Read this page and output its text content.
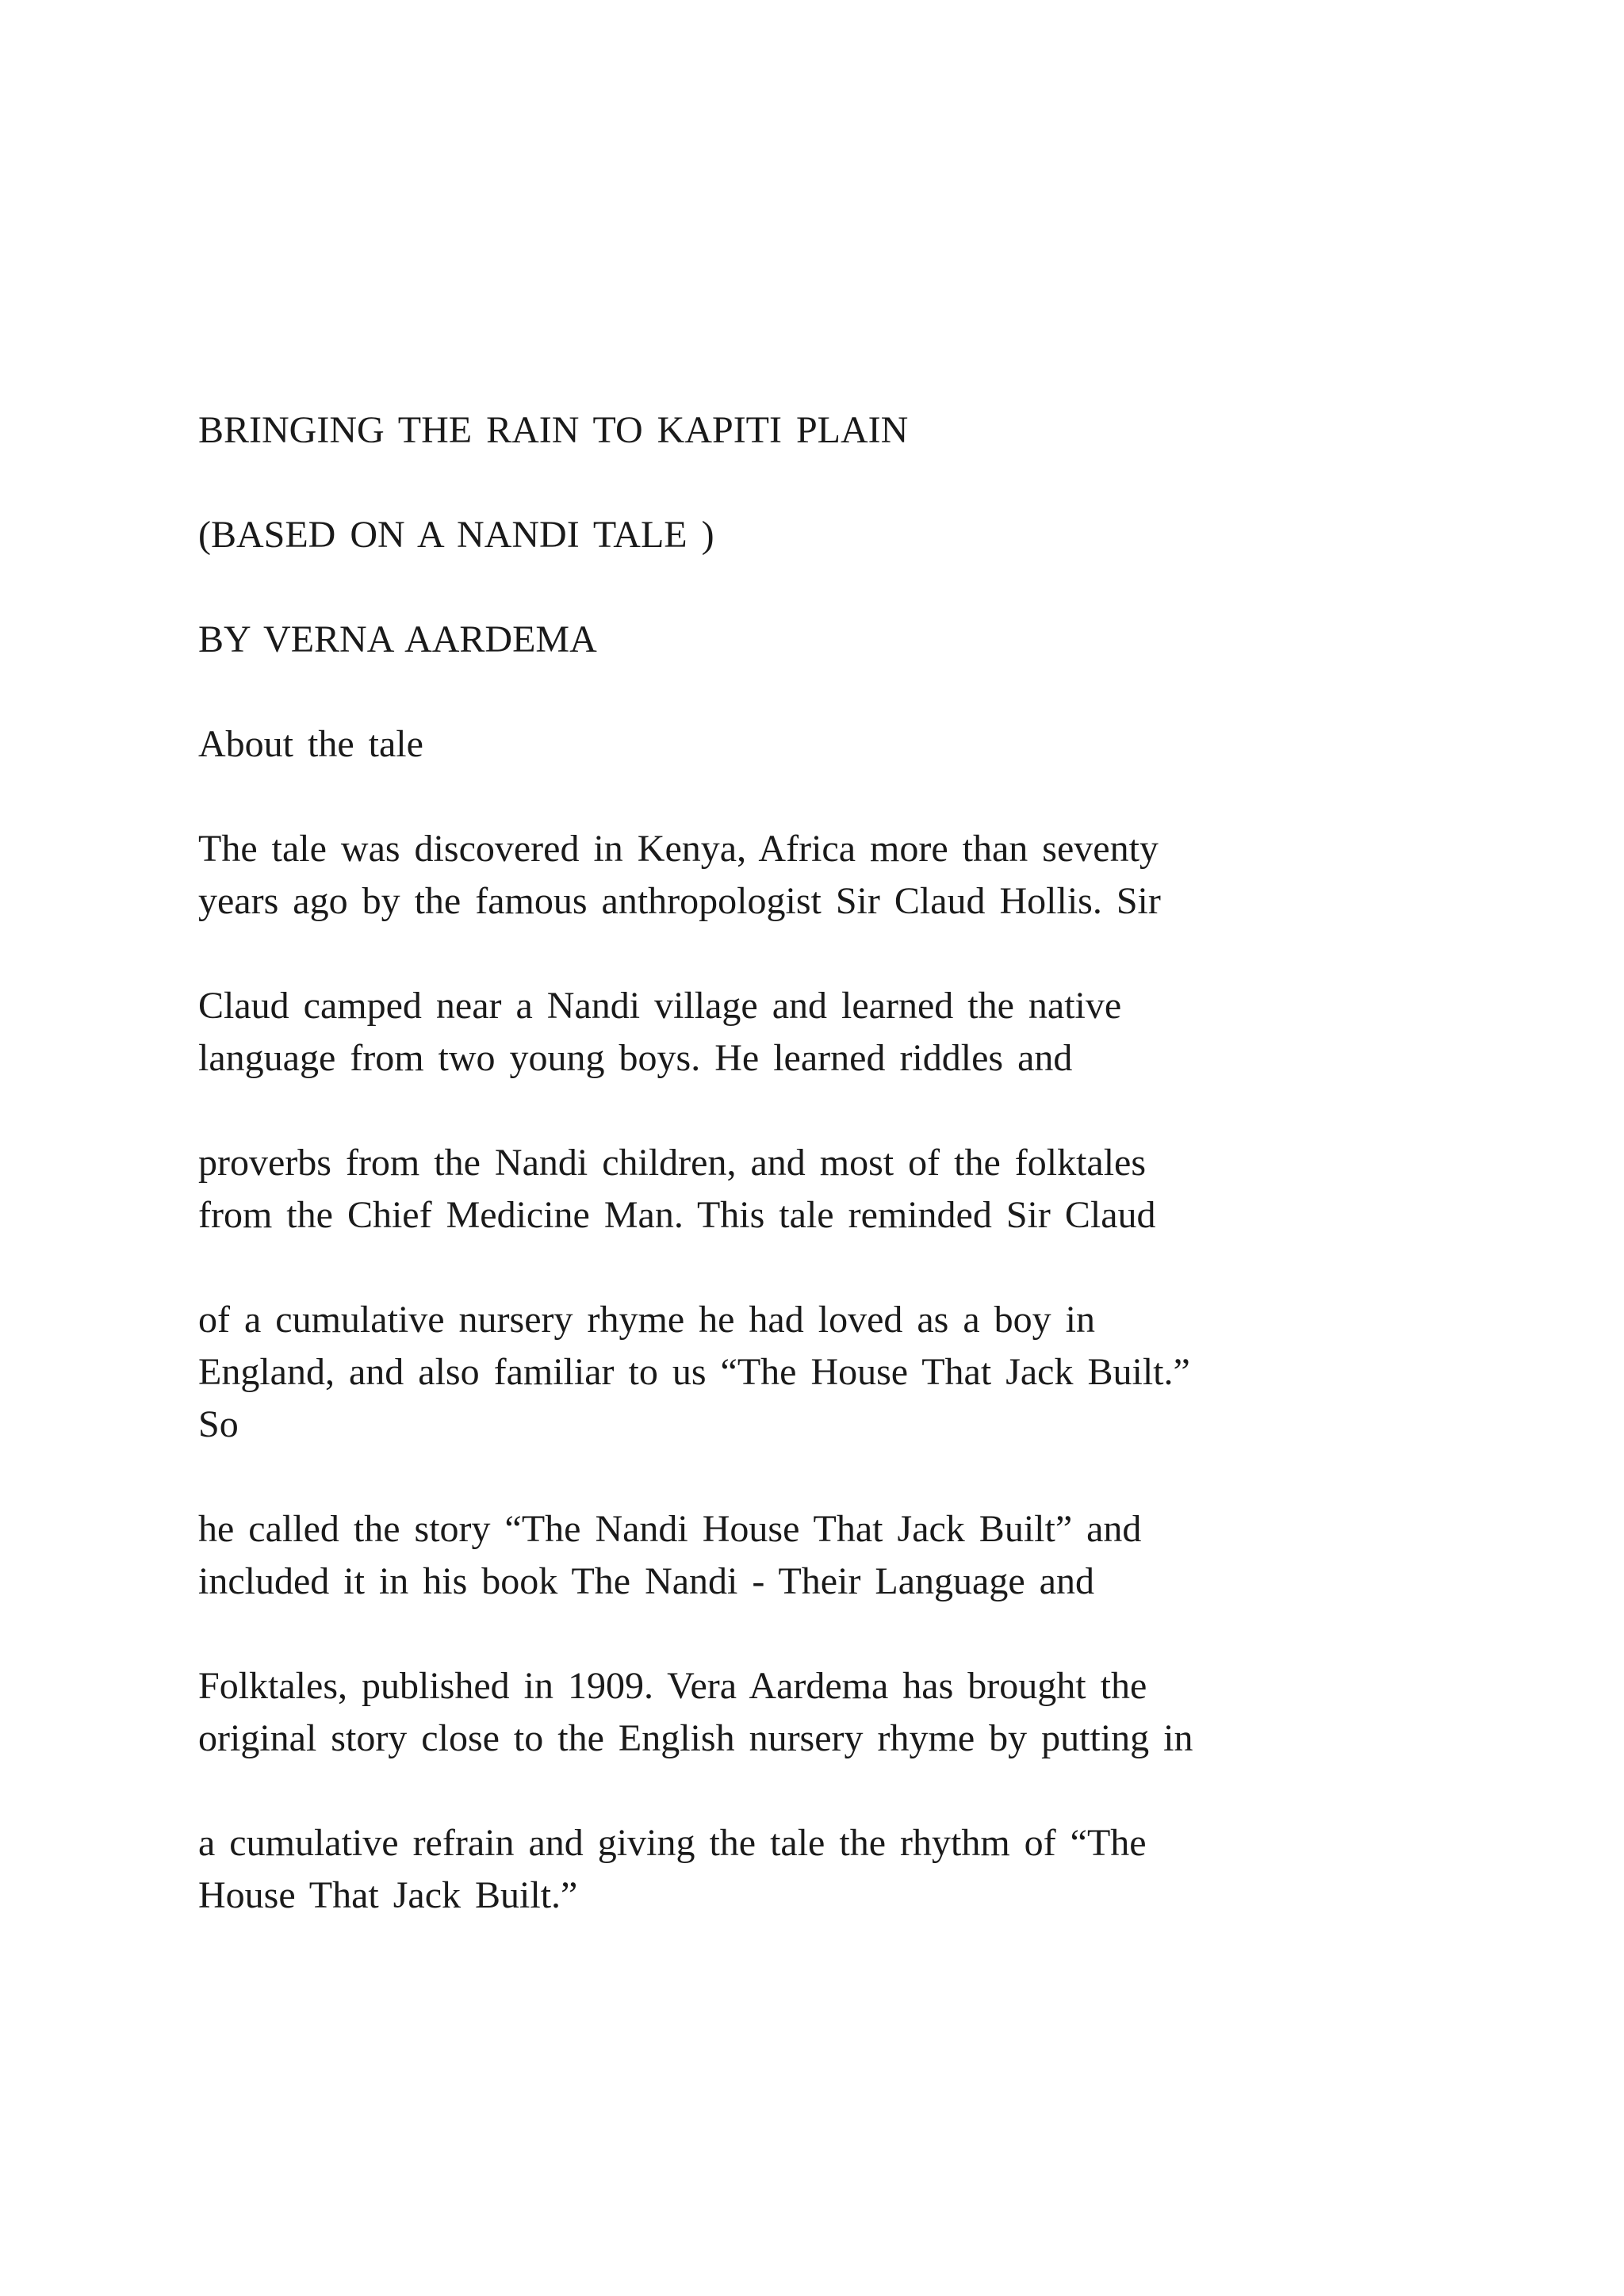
BRINGING THE RAIN TO KAPITI PLAIN
(BASED ON A NANDI TALE )
BY VERNA AARDEMA
About the tale
The tale was discovered in Kenya, Africa more than seventy
years ago by the famous anthropologist Sir Claud Hollis. Sir
Claud camped near a Nandi village and learned the native
language from two young boys. He learned riddles and
proverbs from the Nandi children, and most of the folktales
from the Chief Medicine Man. This tale reminded Sir Claud
of a cumulative nursery rhyme he had loved as a boy in
England, and also familiar to us “The House That Jack Built.”
So
he called the story “The Nandi House That Jack Built” and
included it in his book The Nandi - Their Language and
Folktales, published in 1909. Vera Aardema has brought the
original story close to the English nursery rhyme by putting in
a cumulative refrain and giving the tale the rhythm of “The
House That Jack Built.”
